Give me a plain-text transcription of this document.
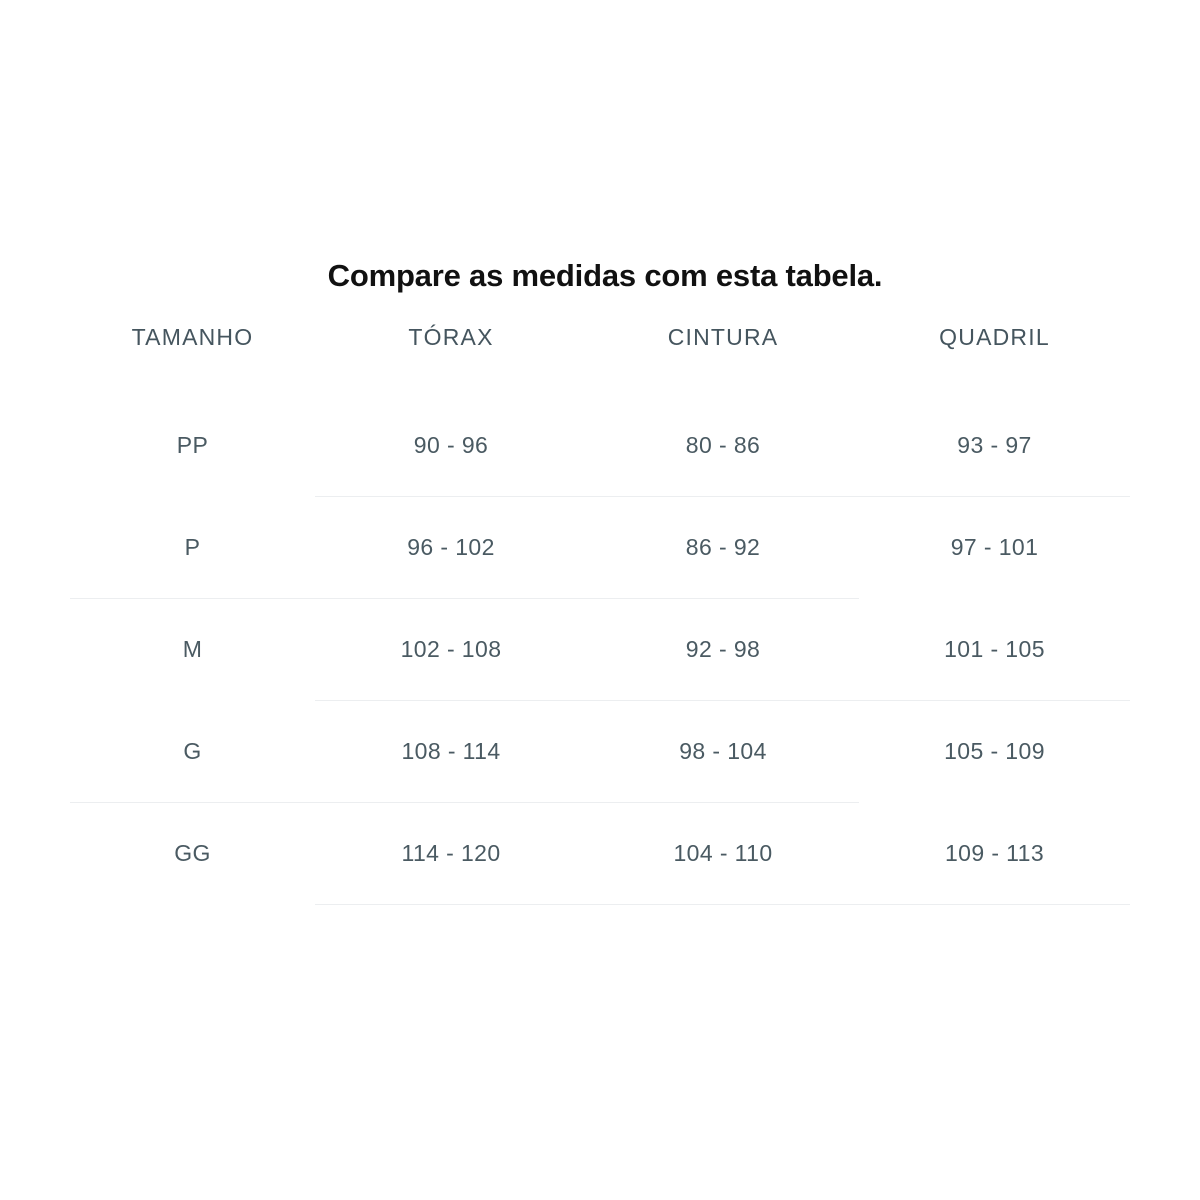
Compare as medidas com esta tabela.
TAMANHO	TÓRAX	CINTURA	QUADRIL
PP	90 - 96	80 - 86	93 - 97
P	96 - 102	86 - 92	97 - 101
M	102 - 108	92 - 98	101 - 105
G	108 - 114	98 - 104	105 - 109
GG	114 - 120	104 - 110	109 - 113
